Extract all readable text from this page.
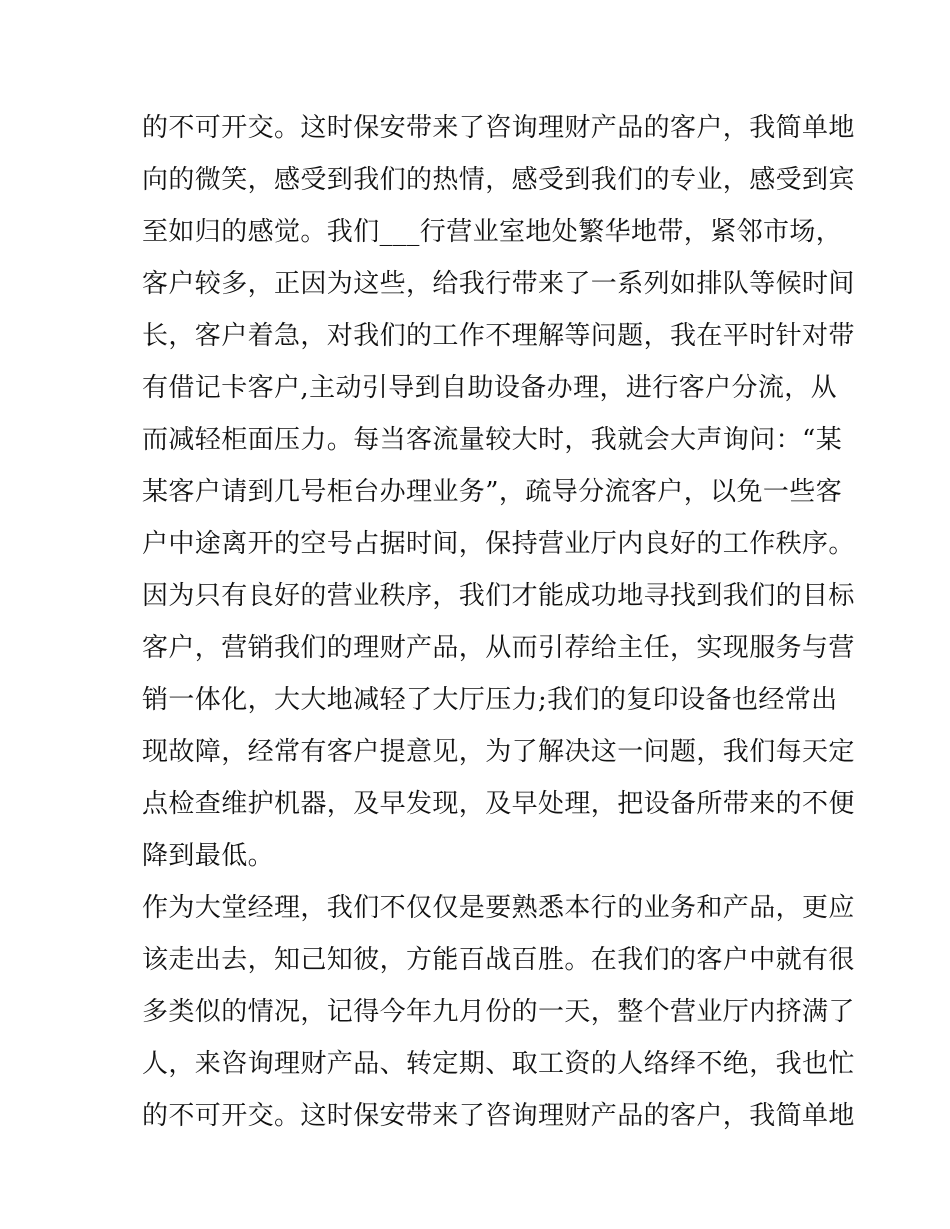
的不可开交。这时保安带来了咨询理财产品的客户，我简单地
向的微笑，感受到我们的热情，感受到我们的专业，感受到宾
至如归的感觉。我们___行营业室地处繁华地带，紧邻市场，
客户较多，正因为这些，给我行带来了一系列如排队等候时间
长，客户着急，对我们的工作不理解等问题，我在平时针对带
有借记卡客户,主动引导到自助设备办理，进行客户分流，从
而减轻柜面压力。每当客流量较大时，我就会大声询问：“某
某客户请到几号柜台办理业务”，疏导分流客户，以免一些客
户中途离开的空号占据时间，保持营业厅内良好的工作秩序。
因为只有良好的营业秩序，我们才能成功地寻找到我们的目标
客户，营销我们的理财产品，从而引荐给主任，实现服务与营
销一体化，大大地减轻了大厅压力;我们的复印设备也经常出
现故障，经常有客户提意见，为了解决这一问题，我们每天定
点检查维护机器，及早发现，及早处理，把设备所带来的不便
降到最低。
作为大堂经理，我们不仅仅是要熟悉本行的业务和产品，更应
该走出去，知己知彼，方能百战百胜。在我们的客户中就有很
多类似的情况，记得今年九月份的一天，整个营业厅内挤满了
人，来咨询理财产品、转定期、取工资的人络绎不绝，我也忙
的不可开交。这时保安带来了咨询理财产品的客户，我简单地
